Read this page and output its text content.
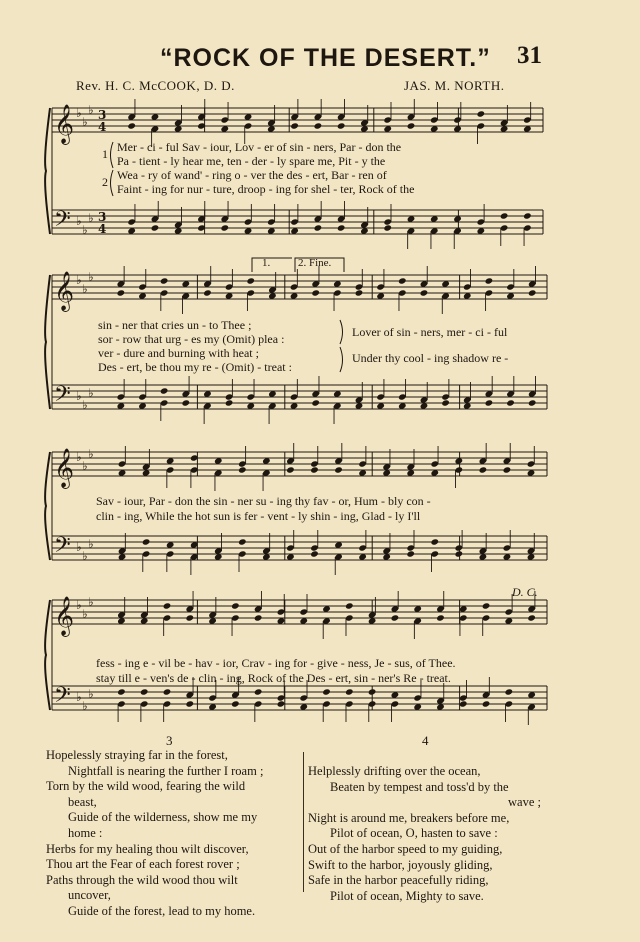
“ROCK OF THE DESERT.” 31
Rev. H. C. McCOOK, D. D.	JAS. M. NORTH.
𝄞
𝄢
♭
♭
♭
♭
♭
♭
3
4
3
4
𝄞
𝄢
♭
♭
♭
♭
♭
♭
𝄞
𝄢
♭
♭
♭
♭
♭
♭
𝄞
𝄢
♭
♭
♭
♭
♭
♭
1
2
Mer - ci - ful Sav - iour, Lov - er of sin - ners, Par - don the
Pa - tient - ly hear me, ten - der - ly spare me, Pit - y the
Wea - ry of wand' - ring o - ver the des - ert, Bar - ren of
Faint - ing for nur - ture, droop - ing for shel - ter, Rock of the
1.	2. Fine.
sin - ner that cries un - to Thee ;
sor - row that urg - es my (Omit) plea :
ver - dure and burning with heat ;
Des - ert, be thou my re - (Omit) - treat :
Lover of sin - ners, mer - ci - ful
Under thy cool - ing shadow re -
Sav - iour, Par - don the sin - ner su - ing thy fav - or, Hum - bly con -
clin - ing, While the hot sun is fer - vent - ly shin - ing, Glad - ly I'll
D. C.
fess - ing e - vil be - hav - ior, Crav - ing for - give - ness, Je - sus, of Thee.
stay till e - ven's de - clin - ing, Rock of the Des - ert, sin - ner's Re - treat.
3	4
Hopelessly straying far in the forest,
Nightfall is nearing the further I roam ;
Torn by the wild wood, fearing the wild
beast,
Guide of the wilderness, show me my
home :
Herbs for my healing thou wilt discover,
Thou art the Fear of each forest rover ;
Paths through the wild wood thou wilt
uncover,
Guide of the forest, lead to my home.
Helplessly drifting over the ocean,
Beaten by tempest and toss'd by the
wave ;
Night is around me, breakers before me,
Pilot of ocean, O, hasten to save :
Out of the harbor speed to my guiding,
Swift to the harbor, joyously gliding,
Safe in the harbor peacefully riding,
Pilot of ocean, Mighty to save.
